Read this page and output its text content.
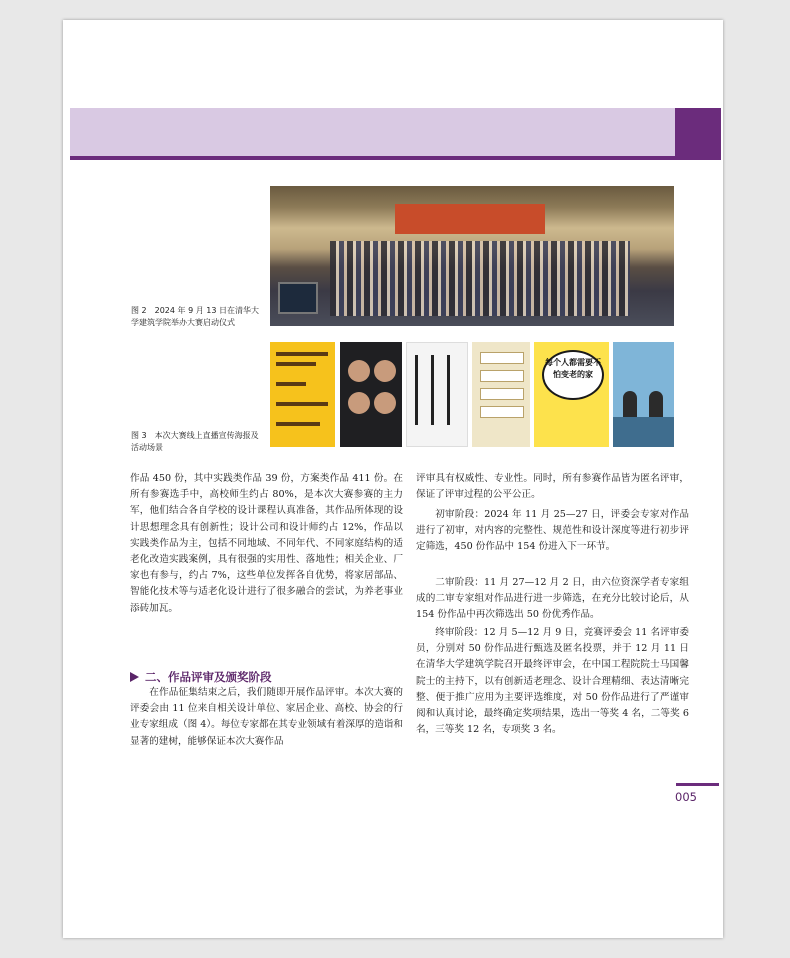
图 2　2024 年 9 月 13 日在清华大学建筑学院举办大赛启动仪式

每个人都需要不怕变老的家

图 3　本次大赛线上直播宣传海报及活动场景

作品 450 份，其中实践类作品 39 份，方案类作品 411 份。在所有参赛选手中，高校师生约占 80%，是本次大赛参赛的主力军，他们结合各自学校的设计课程认真准备，其作品所体现的设计思想理念具有创新性；设计公司和设计师约占 12%，作品以实践类作品为主，包括不同地域、不同年代、不同家庭结构的适老化改造实践案例，具有很强的实用性、落地性；相关企业、厂家也有参与，约占 7%，这些单位发挥各自优势，将家居部品、智能化技术等与适老化设计进行了很多融合的尝试，为养老事业添砖加瓦。

二、作品评审及颁奖阶段

在作品征集结束之后，我们随即开展作品评审。本次大赛的评委会由 11 位来自相关设计单位、家居企业、高校、协会的行业专家组成（图 4）。每位专家都在其专业领域有着深厚的造诣和显著的建树，能够保证本次大赛作品

评审具有权威性、专业性。同时，所有参赛作品皆为匿名评审，保证了评审过程的公平公正。

初审阶段：2024 年 11 月 25—27 日，评委会专家对作品进行了初审，对内容的完整性、规范性和设计深度等进行初步评定筛选，450 份作品中 154 份进入下一环节。

二审阶段：11 月 27—12 月 2 日，由六位资深学者专家组成的二审专家组对作品进行进一步筛选，在充分比较讨论后，从 154 份作品中再次筛选出 50 份优秀作品。

终审阶段：12 月 5—12 月 9 日，竞赛评委会 11 名评审委员，分别对 50 份作品进行甄选及匿名投票，并于 12 月 11 日在清华大学建筑学院召开最终评审会，在中国工程院院士马国馨院士的主持下，以有创新适老理念、设计合理精细、表达清晰完整、便于推广应用为主要评选维度，对 50 份作品进行了严谨审阅和认真讨论，最终确定奖项结果，选出一等奖 4 名，二等奖 6 名，三等奖 12 名，专项奖 3 名。

005
